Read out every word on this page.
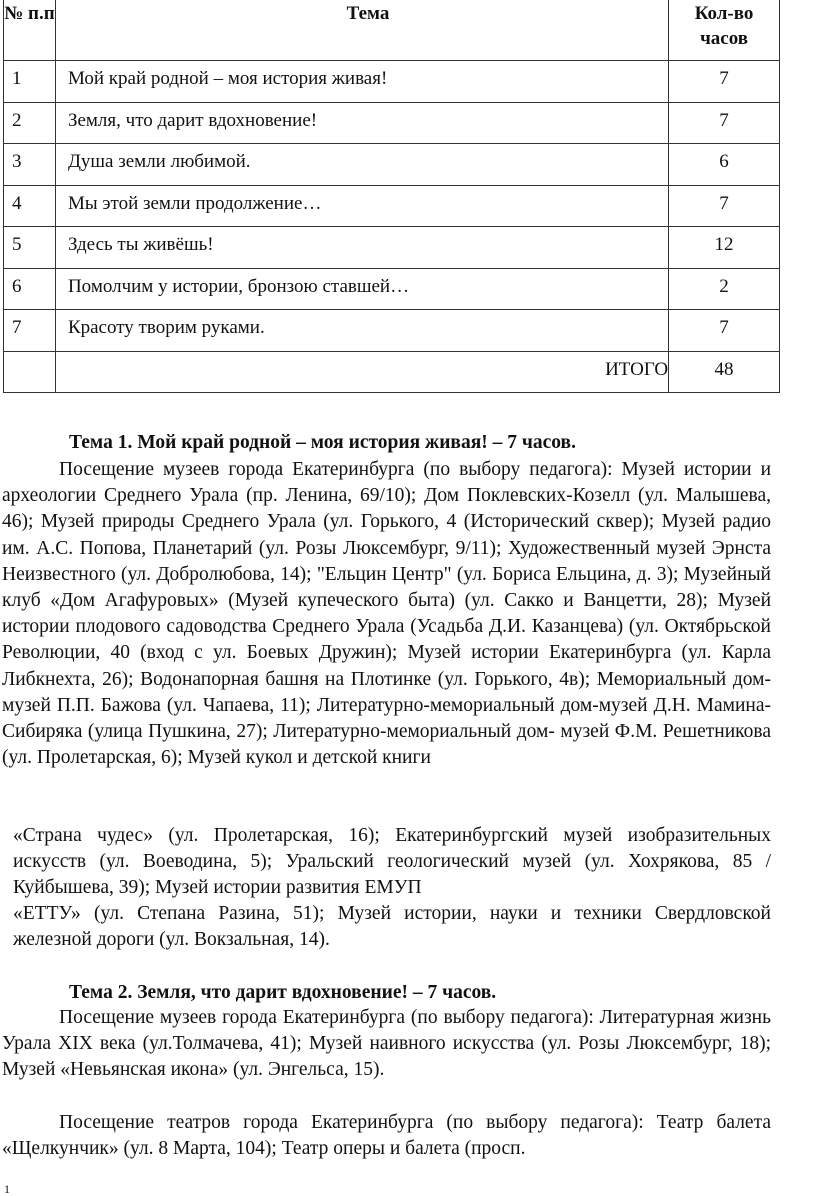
№ п.п	Тема	Кол-во часов
1	Мой край родной – моя история живая!	7
2	Земля, что дарит вдохновение!	7
3	Душа земли любимой.	6
4	Мы этой земли продолжение…	7
5	Здесь ты живёшь!	12
6	Помолчим у истории, бронзою ставшей…	2
7	Красоту творим руками.	7
	ИТОГО	48
Тема 1. Мой край родной – моя история живая! – 7 часов.
Посещение музеев города Екатеринбурга (по выбору педагога): Музей истории и археологии Среднего Урала (пр. Ленина, 69/10); Дом Поклевских-Козелл (ул. Малышева, 46); Музей природы Среднего Урала (ул. Горького, 4 (Исторический сквер); Музей радио им. А.С. Попова, Планетарий (ул. Розы Люксембург, 9/11); Художественный музей Эрнста Неизвестного (ул. Добролюбова, 14); "Ельцин Центр" (ул. Бориса Ельцина, д. 3); Музейный клуб «Дом Агафуровых» (Музей купеческого быта) (ул. Сакко и Ванцетти, 28); Музей истории плодового садоводства Среднего Урала (Усадьба Д.И. Казанцева) (ул. Октябрьской Революции, 40 (вход с ул. Боевых Дружин); Музей истории Екатеринбурга (ул. Карла Либкнехта, 26); Водонапорная башня на Плотинке (ул. Горького, 4в); Мемориальный дом-музей П.П. Бажова (ул. Чапаева, 11); Литературно-мемориальный дом-музей Д.Н. Мамина-Сибиряка (улица Пушкина, 27); Литературно-мемориальный дом- музей Ф.М. Решетникова (ул. Пролетарская, 6); Музей кукол и детской книги
«Страна чудес» (ул. Пролетарская, 16); Екатеринбургский музей изобразительных искусств (ул. Воеводина, 5); Уральский геологический музей (ул. Хохрякова, 85 / Куйбышева, 39); Музей истории развития ЕМУП
«ЕТТУ» (ул. Степана Разина, 51); Музей истории, науки и техники Свердловской железной дороги (ул. Вокзальная, 14).
Тема 2. Земля, что дарит вдохновение! – 7 часов.
Посещение музеев города Екатеринбурга (по выбору педагога): Литературная жизнь Урала XIX века (ул.Толмачева, 41); Музей наивного искусства (ул. Розы Люксембург, 18); Музей «Невьянская икона» (ул. Энгельса, 15).
Посещение театров города Екатеринбурга (по выбору педагога): Театр балета «Щелкунчик» (ул. 8 Марта, 104); Театр оперы и балета (просп.
1
